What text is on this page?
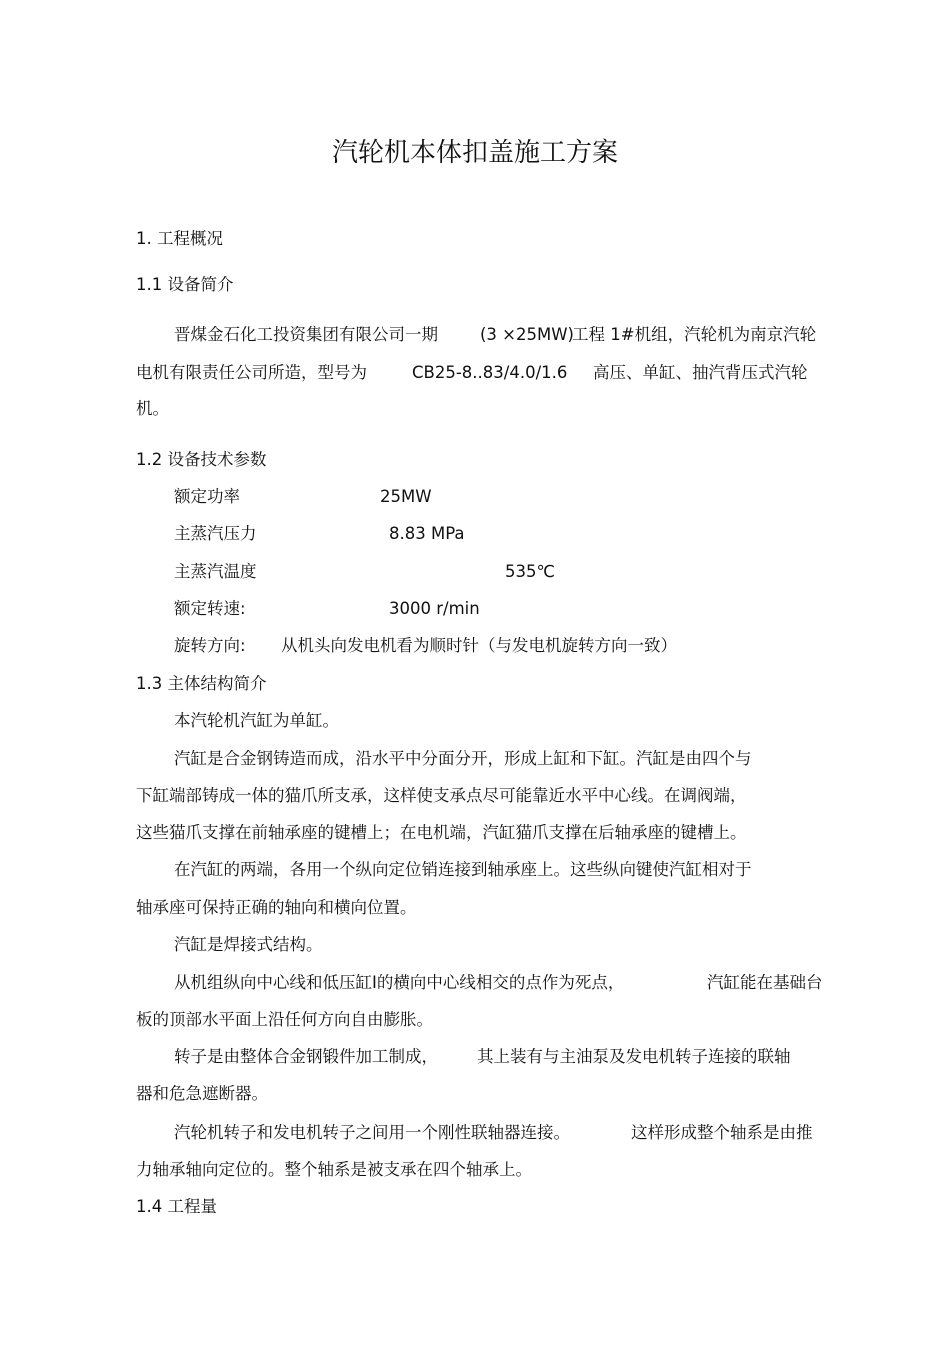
汽轮机本体扣盖施工方案

1. 工程概况

1.1 设备简介

晋煤金石化工投资集团有限公司一期	(3 ×25MW)

工程 1#机组，汽轮机为南京汽轮

电机有限责任公司所造，型号为	CB25-8..83/4.0/1.6 高压、单缸、抽汽背压式汽轮

机。

1.2 设备技术参数

额定功率	25MW

主蒸汽压力	8.83 MPa

主蒸汽温度	535℃

额定转速:	3000 r/min

旋转方向: 从机头向发电机看为顺时针（与发电机旋转方向一致）

1.3 主体结构简介

本汽轮机汽缸为单缸。

汽缸是合金钢铸造而成，沿水平中分面分开，形成上缸和下缸。汽缸是由四个与

下缸端部铸成一体的猫爪所支承，这样使支承点尽可能靠近水平中心线。在调阀端，

这些猫爪支撑在前轴承座的键槽上；在电机端，汽缸猫爪支撑在后轴承座的键槽上。

在汽缸的两端，各用一个纵向定位销连接到轴承座上。这些纵向键使汽缸相对于

轴承座可保持正确的轴向和横向位置。

汽缸是焊接式结构。

从机组纵向中心线和低压缸Ⅰ的横向中心线相交的点作为死点，	汽缸能在基础台

板的顶部水平面上沿任何方向自由膨胀。

转子是由整体合金钢锻件加工制成， 其上装有与主油泵及发电机转子连接的联轴

器和危急遮断器。

汽轮机转子和发电机转子之间用一个刚性联轴器连接。	这样形成整个轴系是由推

力轴承轴向定位的。整个轴系是被支承在四个轴承上。

1.4 工程量
